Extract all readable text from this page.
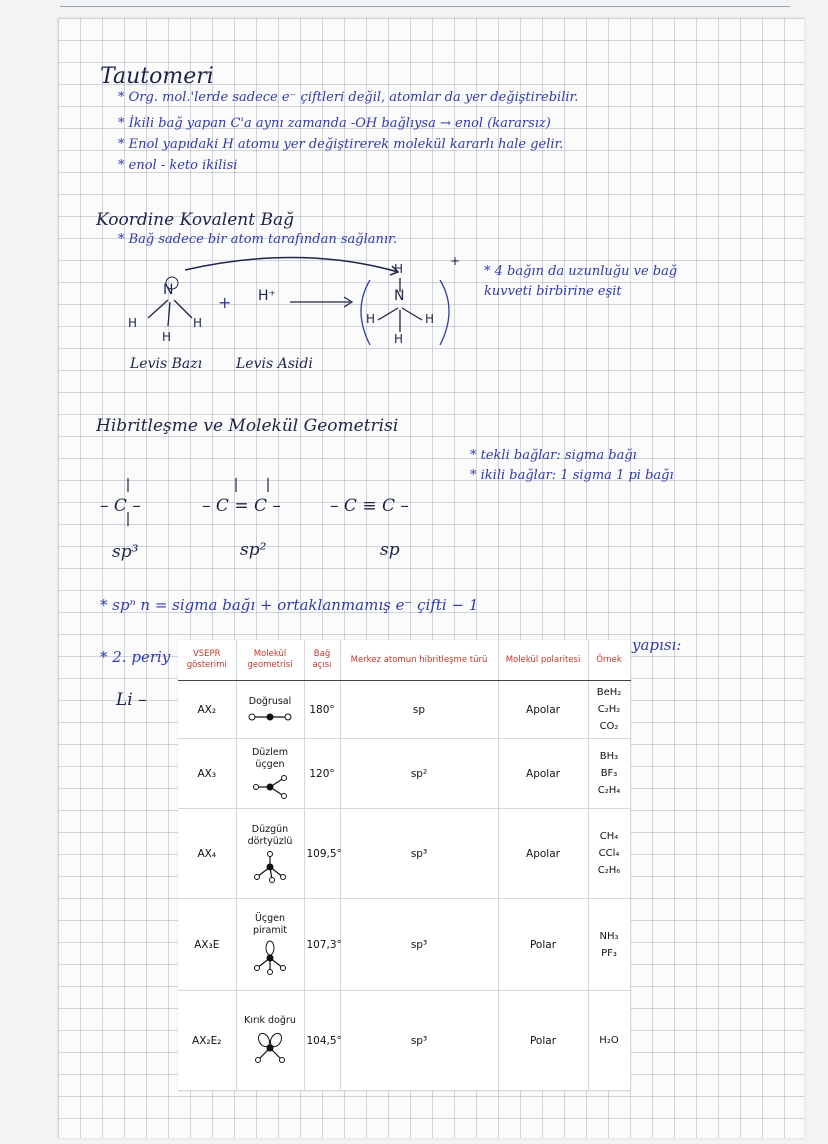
Tautomeri
* Org. mol.'lerde sadece e⁻ çiftleri değil, atomlar da yer değiştirebilir.
* İkili bağ yapan C'a aynı zamanda -OH bağlıysa → enol (kararsız)
* Enol yapıdaki H atomu yer değiştirerek molekül kararlı hale gelir.
* enol - keto ikilisi
Koordine Kovalent Bağ
* Bağ sadece bir atom tarafından sağlanır.
N
H	H
H
+ H⁺
H
N
H	H
H
+
* 4 bağın da uzunluğu ve bağ kuvveti birbirine eşit
Levis Bazı Levis Asidi
Hibritleşme ve Molekül Geometrisi
* tekli bağlar: sigma bağı
* ikili bağlar: 1 sigma 1 pi bağı
– C –	– C = C –	– C ≡ C –
sp³	sp²	sp
* spⁿ n = sigma bağı + ortaklanmamış e⁻ çifti − 1
* 2. periy
yapısı:
Li –
VSEPR gösterimi	Molekül geometrisi	Bağ açısı	Merkez atomun hibritleşme türü	Molekül polaritesi	Örnek
AX₂	Doğrusal	180°	sp	Apolar	BeH₂
C₂H₂
CO₂

AX₃	Düzlem üçgen	120°	sp²	Apolar	BH₃
BF₃
C₂H₄

AX₄	Düzgün dörtyüzlü	109,5°	sp³	Apolar	CH₄
CCl₄
C₂H₆

AX₃E	Üçgen piramit	107,3°	sp³	Polar	NH₃
PF₃

AX₂E₂	Kırık doğru	104,5°	sp³	Polar	H₂O
